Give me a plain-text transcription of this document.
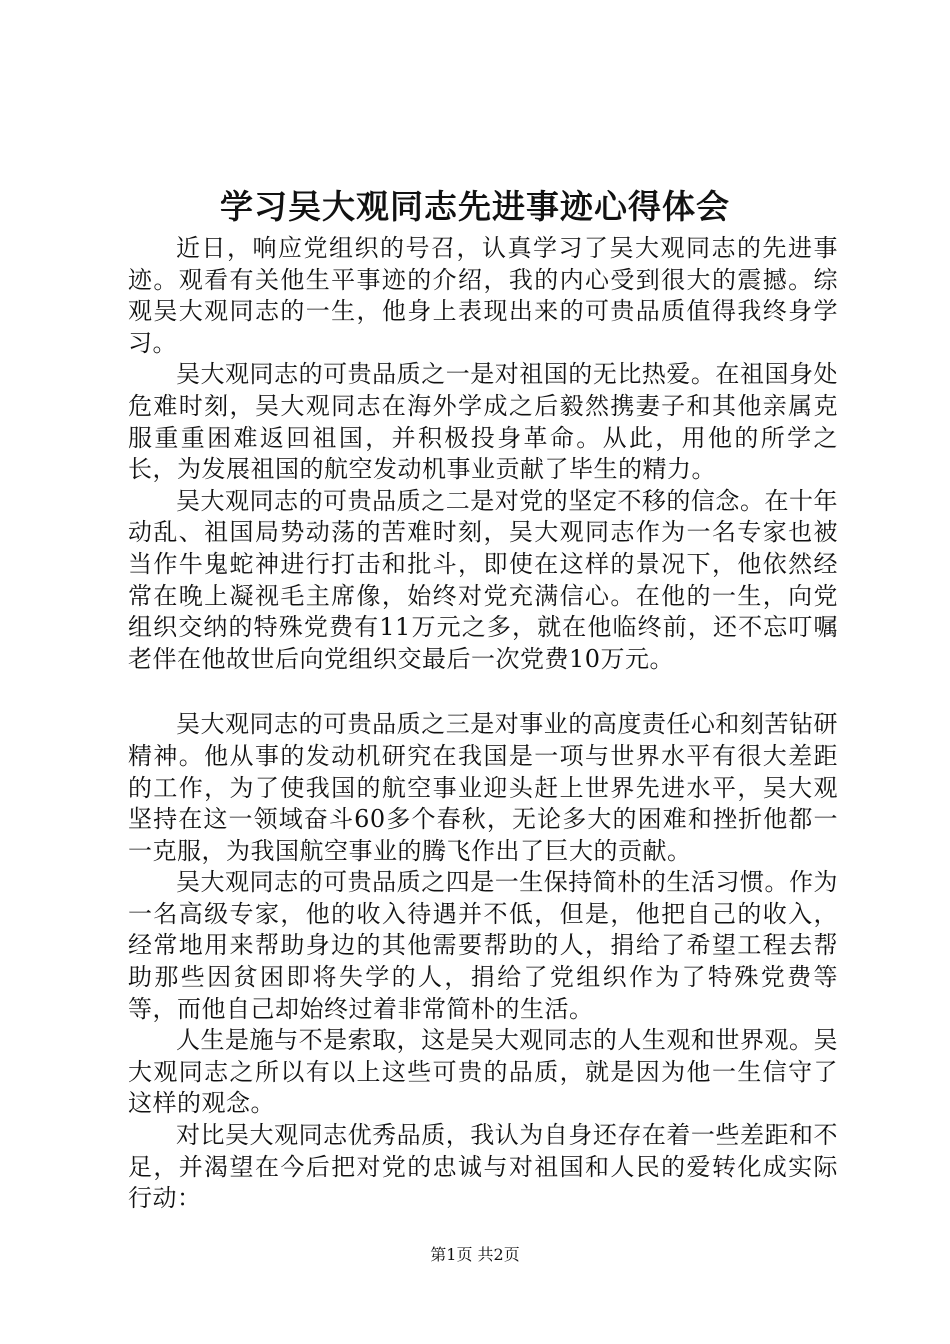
学习吴大观同志先进事迹心得体会

近日，响应党组织的号召，认真学习了吴大观同志的先进事迹。观看有关他生平事迹的介绍，我的内心受到很大的震撼。综观吴大观同志的一生，他身上表现出来的可贵品质值得我终身学习。

吴大观同志的可贵品质之一是对祖国的无比热爱。在祖国身处危难时刻，吴大观同志在海外学成之后毅然携妻子和其他亲属克服重重困难返回祖国，并积极投身革命。从此，用他的所学之长，为发展祖国的航空发动机事业贡献了毕生的精力。

吴大观同志的可贵品质之二是对党的坚定不移的信念。在十年动乱、祖国局势动荡的苦难时刻，吴大观同志作为一名专家也被当作牛鬼蛇神进行打击和批斗，即使在这样的景况下，他依然经常在晚上凝视毛主席像，始终对党充满信心。在他的一生，向党组织交纳的特殊党费有11万元之多，就在他临终前，还不忘叮嘱老伴在他故世后向党组织交最后一次党费10万元。

吴大观同志的可贵品质之三是对事业的高度责任心和刻苦钻研精神。他从事的发动机研究在我国是一项与世界水平有很大差距的工作，为了使我国的航空事业迎头赶上世界先进水平，吴大观坚持在这一领域奋斗60多个春秋，无论多大的困难和挫折他都一一克服，为我国航空事业的腾飞作出了巨大的贡献。

吴大观同志的可贵品质之四是一生保持简朴的生活习惯。作为一名高级专家，他的收入待遇并不低，但是，他把自己的收入，经常地用来帮助身边的其他需要帮助的人，捐给了希望工程去帮助那些因贫困即将失学的人，捐给了党组织作为了特殊党费等等，而他自己却始终过着非常简朴的生活。

人生是施与不是索取，这是吴大观同志的人生观和世界观。吴大观同志之所以有以上这些可贵的品质，就是因为他一生信守了这样的观念。

对比吴大观同志优秀品质，我认为自身还存在着一些差距和不足，并渴望在今后把对党的忠诚与对祖国和人民的爱转化成实际行动：

第1页 共2页
